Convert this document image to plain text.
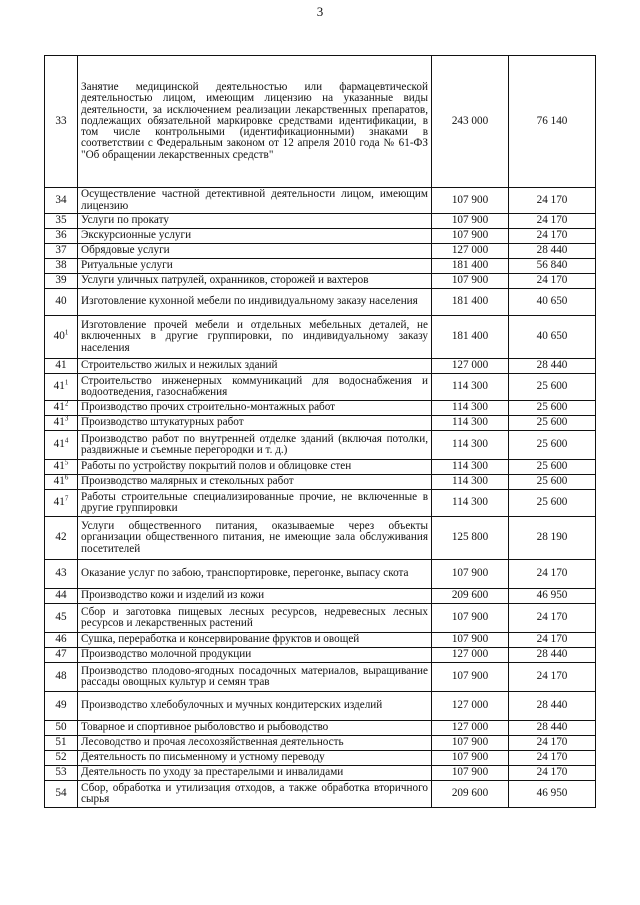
3
33	Занятие медицинской деятельностью или фармацевтической деятельностью лицом, имеющим лицензию на указанные виды деятельности, за исключением реализации лекарственных препаратов, подлежащих обязательной маркировке средствами идентификации, в том числе контрольными (идентификационными) знаками в соответствии с Федеральным законом от 12 апреля 2010 года № 61-ФЗ "Об обращении лекарственных средств"	243 000	76 140
34	Осуществление частной детективной деятельности лицом, имеющим лицензию	107 900	24 170
35	Услуги по прокату	107 900	24 170
36	Экскурсионные услуги	107 900	24 170
37	Обрядовые услуги	127 000	28 440
38	Ритуальные услуги	181 400	56 840
39	Услуги уличных патрулей, охранников, сторожей и вахтеров	107 900	24 170
40	Изготовление кухонной мебели по индивидуальному заказу населения	181 400	40 650
$40^1$	Изготовление прочей мебели и отдельных мебельных деталей, не включенных в другие группировки, по индивидуальному заказу населения	181 400	40 650
41	Строительство жилых и нежилых зданий	127 000	28 440
$41^1$	Строительство инженерных коммуникаций для водоснабжения и водоотведения, газоснабжения	114 300	25 600
$41^2$	Производство прочих строительно-монтажных работ	114 300	25 600
$41^3$	Производство штукатурных работ	114 300	25 600
$41^4$	Производство работ по внутренней отделке зданий (включая потолки, раздвижные и съемные перегородки и т. д.)	114 300	25 600
$41^5$	Работы по устройству покрытий полов и облицовке стен	114 300	25 600
$41^6$	Производство малярных и стекольных работ	114 300	25 600
$41^7$	Работы строительные специализированные прочие, не включенные в другие группировки	114 300	25 600
42	Услуги общественного питания, оказываемые через объекты организации общественного питания, не имеющие зала обслуживания посетителей	125 800	28 190
43	Оказание услуг по забою, транспортировке, перегонке, выпасу скота	107 900	24 170
44	Производство кожи и изделий из кожи	209 600	46 950
45	Сбор и заготовка пищевых лесных ресурсов, недревесных лесных ресурсов и лекарственных растений	107 900	24 170
46	Сушка, переработка и консервирование фруктов и овощей	107 900	24 170
47	Производство молочной продукции	127 000	28 440
48	Производство плодово-ягодных посадочных материалов, выращивание рассады овощных культур и семян трав	107 900	24 170
49	Производство хлебобулочных и мучных кондитерских изделий	127 000	28 440
50	Товарное и спортивное рыболовство и рыбоводство	127 000	28 440
51	Лесоводство и прочая лесохозяйственная деятельность	107 900	24 170
52	Деятельность по письменному и устному переводу	107 900	24 170
53	Деятельность по уходу за престарелыми и инвалидами	107 900	24 170
54	Сбор, обработка и утилизация отходов, а также обработка вторичного сырья	209 600	46 950
